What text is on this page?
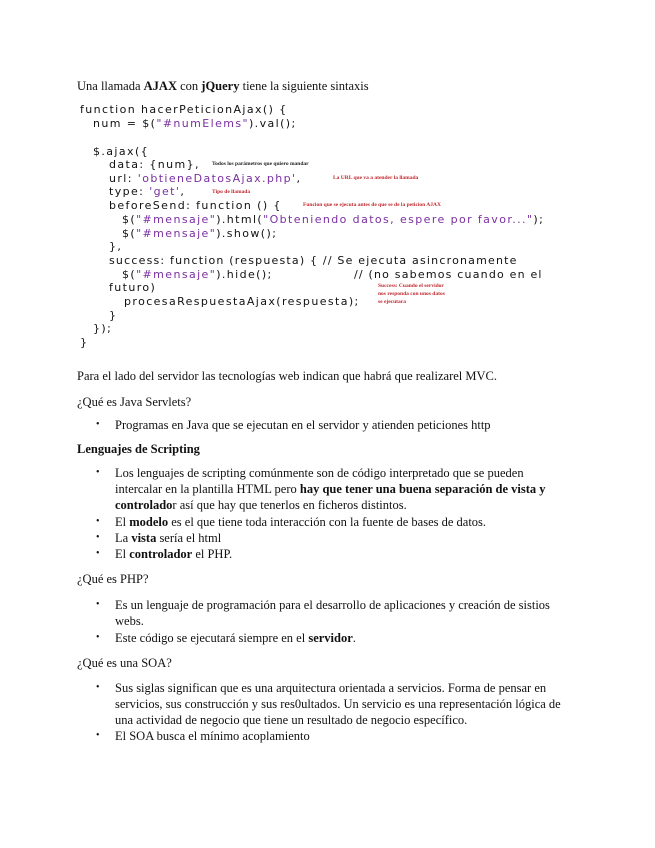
Una llamada AJAX con jQuery tiene la siguiente sintaxis
function hacerPeticionAjax() {
num = $("#numElems").val();
$.ajax({
data: {num}, Todos los parámetros que quiero mandar
url: 'obtieneDatosAjax.php',	La URL que va a atender la llamada
type: 'get',	Tipo de llamada
beforeSend: function () {	Funcion que se ejecuta antes de que se de la peticion AJAX
$("#mensaje").html("Obteniendo datos, espere por favor...");
$("#mensaje").show();
},
success: function (respuesta) { // Se ejecuta asincronamente
$("#mensaje").hide();	// (no sabemos cuando en el
futuro)	Success: Cuando el servidor
nos responda con unos datos
se ejecutara
procesaRespuestaAjax(respuesta);
}
});
}
Para el lado del servidor las tecnologías web indican que habrá que realizarel MVC.
¿Qué es Java Servlets?
• Programas en Java que se ejecutan en el servidor y atienden peticiones http
Lenguajes de Scripting
• Los lenguajes de scripting comúnmente son de código interpretado que se pueden
intercalar en la plantilla HTML pero hay que tener una buena separación de vista y
controlador así que hay que tenerlos en ficheros distintos.
• El modelo es el que tiene toda interacción con la fuente de bases de datos.
• La vista sería el html
• El controlador el PHP.
¿Qué es PHP?
• Es un lenguaje de programación para el desarrollo de aplicaciones y creación de sistios
webs.
• Este código se ejecutará siempre en el servidor.
¿Qué es una SOA?
• Sus siglas significan que es una arquitectura orientada a servicios. Forma de pensar en
servicios, sus construcción y sus res0ultados. Un servicio es una representación lógica de
una actividad de negocio que tiene un resultado de negocio específico.
• El SOA busca el mínimo acoplamiento
